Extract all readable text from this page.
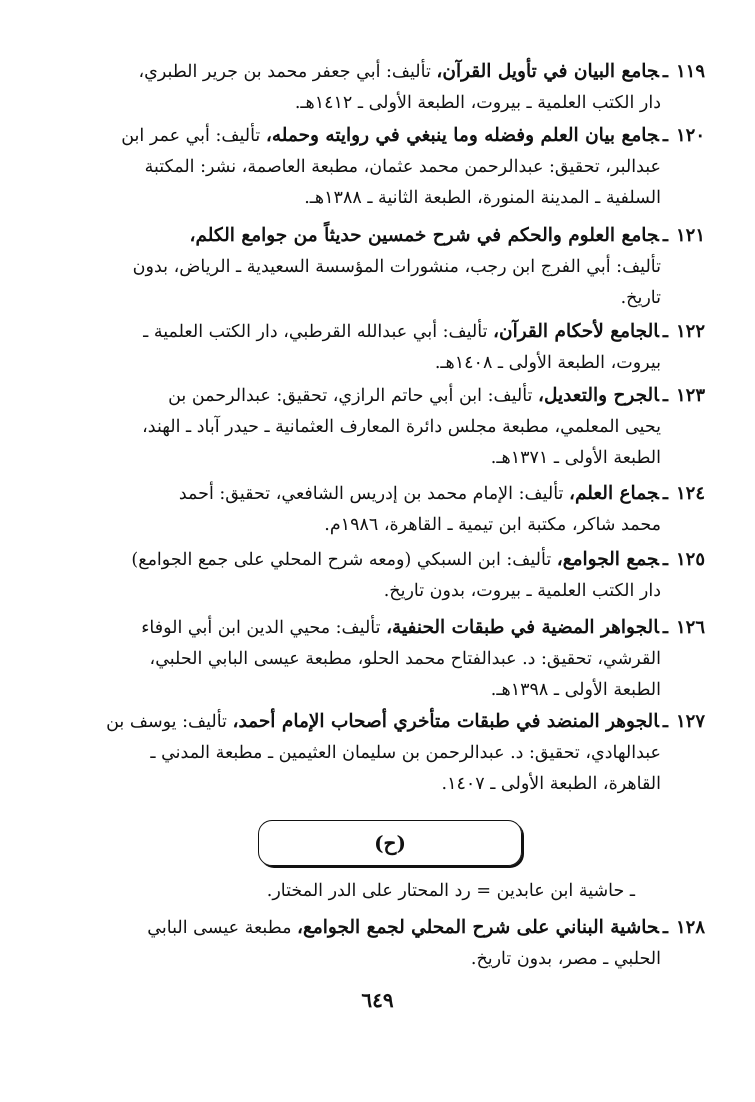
١١٩ـجامع البيان في تأويل القرآن، تأليف: أبي جعفر محمد بن جرير الطبري،
دار الكتب العلمية ـ بيروت، الطبعة الأولى ـ ١٤١٢هـ.
١٢٠ـجامع بيان العلم وفضله وما ينبغي في روايته وحمله، تأليف: أبي عمر ابن
عبدالبر، تحقيق: عبدالرحمن محمد عثمان، مطبعة العاصمة، نشر: المكتبة
السلفية ـ المدينة المنورة، الطبعة الثانية ـ ١٣٨٨هـ.
١٢١ـجامع العلوم والحكم في شرح خمسين حديثاً من جوامع الكلم،
تأليف: أبي الفرج ابن رجب، منشورات المؤسسة السعيدية ـ الرياض، بدون
تاريخ.
١٢٢ـالجامع لأحكام القرآن، تأليف: أبي عبدالله القرطبي، دار الكتب العلمية ـ
بيروت، الطبعة الأولى ـ ١٤٠٨هـ.
١٢٣ـالجرح والتعديل، تأليف: ابن أبي حاتم الرازي، تحقيق: عبدالرحمن بن
يحيى المعلمي، مطبعة مجلس دائرة المعارف العثمانية ـ حيدر آباد ـ الهند،
الطبعة الأولى ـ ١٣٧١هـ.
١٢٤ـجماع العلم، تأليف: الإمام محمد بن إدريس الشافعي، تحقيق: أحمد
محمد شاكر، مكتبة ابن تيمية ـ القاهرة، ١٩٨٦م.
١٢٥ـجمع الجوامع، تأليف: ابن السبكي (ومعه شرح المحلي على جمع الجوامع)
دار الكتب العلمية ـ بيروت، بدون تاريخ.
١٢٦ـالجواهر المضية في طبقات الحنفية، تأليف: محيي الدين ابن أبي الوفاء
القرشي، تحقيق: د. عبدالفتاح محمد الحلو، مطبعة عيسى البابي الحلبي،
الطبعة الأولى ـ ١٣٩٨هـ.
١٢٧ـالجوهر المنضد في طبقات متأخري أصحاب الإمام أحمد، تأليف: يوسف بن
عبدالهادي، تحقيق: د. عبدالرحمن بن سليمان العثيمين ـ مطبعة المدني ـ
القاهرة، الطبعة الأولى ـ ١٤٠٧.
(ح)
ـ حاشية ابن عابدين = رد المحتار على الدر المختار.
١٢٨ـحاشية البناني على شرح المحلي لجمع الجوامع، مطبعة عيسى البابي
الحلبي ـ مصر، بدون تاريخ.
٦٤٩
